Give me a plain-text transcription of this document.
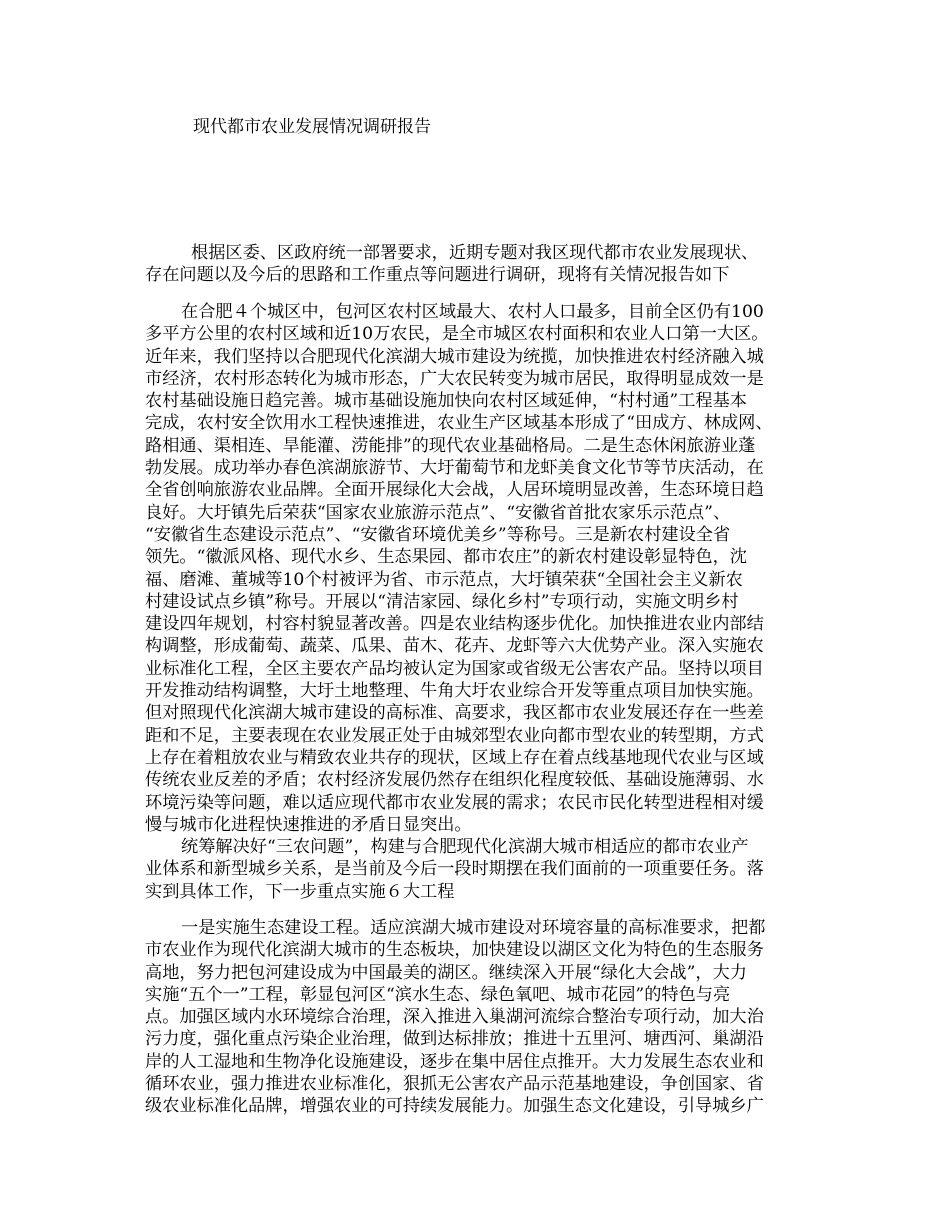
现代都市农业发展情况调研报告

根据区委、区政府统一部署要求，近期专题对我区现代都市农业发展现状、
存在问题以及今后的思路和工作重点等问题进行调研，现将有关情况报告如下

在合肥４个城区中，包河区农村区域最大、农村人口最多，目前全区仍有100
多平方公里的农村区域和近10万农民，是全市城区农村面积和农业人口第一大区。
近年来，我们坚持以合肥现代化滨湖大城市建设为统揽，加快推进农村经济融入城
市经济，农村形态转化为城市形态，广大农民转变为城市居民，取得明显成效一是
农村基础设施日趋完善。城市基础设施加快向农村区域延伸，“村村通”工程基本
完成，农村安全饮用水工程快速推进，农业生产区域基本形成了“田成方、林成网、
路相通、渠相连、旱能灌、涝能排”的现代农业基础格局。二是生态休闲旅游业蓬
勃发展。成功举办春色滨湖旅游节、大圩葡萄节和龙虾美食文化节等节庆活动，在
全省创响旅游农业品牌。全面开展绿化大会战，人居环境明显改善，生态环境日趋
良好。大圩镇先后荣获“国家农业旅游示范点”、“安徽省首批农家乐示范点”、
“安徽省生态建设示范点”、“安徽省环境优美乡”等称号。三是新农村建设全省
领先。“徽派风格、现代水乡、生态果园、都市农庄”的新农村建设彰显特色，沈
福、磨滩、董城等10个村被评为省、市示范点，大圩镇荣获“全国社会主义新农
村建设试点乡镇”称号。开展以“清洁家园、绿化乡村”专项行动，实施文明乡村
建设四年规划，村容村貌显著改善。四是农业结构逐步优化。加快推进农业内部结
构调整，形成葡萄、蔬菜、瓜果、苗木、花卉、龙虾等六大优势产业。深入实施农
业标准化工程，全区主要农产品均被认定为国家或省级无公害农产品。坚持以项目
开发推动结构调整，大圩土地整理、牛角大圩农业综合开发等重点项目加快实施。
但对照现代化滨湖大城市建设的高标准、高要求，我区都市农业发展还存在一些差
距和不足，主要表现在农业发展正处于由城郊型农业向都市型农业的转型期，方式
上存在着粗放农业与精致农业共存的现状，区域上存在着点线基地现代农业与区域
传统农业反差的矛盾；农村经济发展仍然存在组织化程度较低、基础设施薄弱、水
环境污染等问题，难以适应现代都市农业发展的需求；农民市民化转型进程相对缓
慢与城市化进程快速推进的矛盾日显突出。

统筹解决好“三农问题”，构建与合肥现代化滨湖大城市相适应的都市农业产
业体系和新型城乡关系，是当前及今后一段时期摆在我们面前的一项重要任务。落
实到具体工作，下一步重点实施６大工程

一是实施生态建设工程。适应滨湖大城市建设对环境容量的高标准要求，把都
市农业作为现代化滨湖大城市的生态板块，加快建设以湖区文化为特色的生态服务
高地，努力把包河建设成为中国最美的湖区。继续深入开展“绿化大会战”，大力
实施“五个一”工程，彰显包河区“滨水生态、绿色氧吧、城市花园”的特色与亮
点。加强区域内水环境综合治理，深入推进入巢湖河流综合整治专项行动，加大治
污力度，强化重点污染企业治理，做到达标排放；推进十五里河、塘西河、巢湖沿
岸的人工湿地和生物净化设施建设，逐步在集中居住点推开。大力发展生态农业和
循环农业，强力推进农业标准化，狠抓无公害农产品示范基地建设，争创国家、省
级农业标准化品牌，增强农业的可持续发展能力。加强生态文化建设，引导城乡广
